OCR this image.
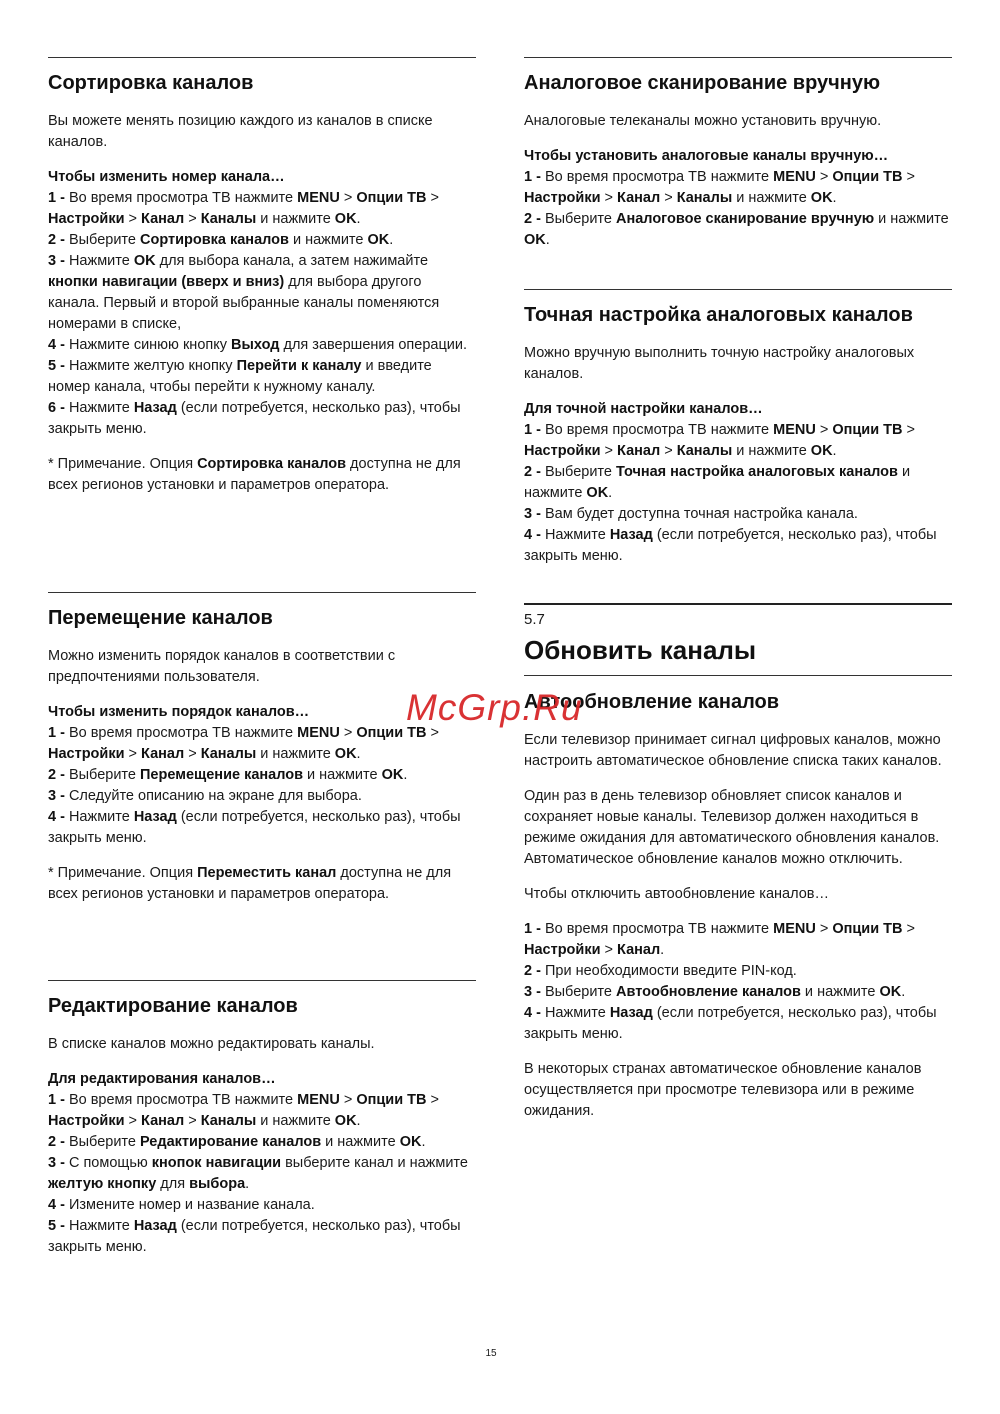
Сортировка каналов
Вы можете менять позицию каждого из каналов в списке каналов.
Чтобы изменить номер канала…
1 - Во время просмотра ТВ нажмите MENU > Опции ТВ > Настройки > Канал > Каналы и нажмите OK.
2 - Выберите Сортировка каналов и нажмите OK.
3 - Нажмите OK для выбора канала, а затем нажимайте кнопки навигации (вверх и вниз) для выбора другого канала. Первый и второй выбранные каналы поменяются номерами в списке,
4 - Нажмите синюю кнопку Выход для завершения операции.
5 - Нажмите желтую кнопку Перейти к каналу и введите номер канала, чтобы перейти к нужному каналу.
6 - Нажмите Назад (если потребуется, несколько раз), чтобы закрыть меню.
* Примечание. Опция Сортировка каналов доступна не для всех регионов установки и параметров оператора.
Перемещение каналов
Можно изменить порядок каналов в соответствии с предпочтениями пользователя.
Чтобы изменить порядок каналов…
1 - Во время просмотра ТВ нажмите MENU > Опции ТВ > Настройки > Канал > Каналы и нажмите OK.
2 - Выберите Перемещение каналов и нажмите OK.
3 - Следуйте описанию на экране для выбора.
4 - Нажмите Назад (если потребуется, несколько раз), чтобы закрыть меню.
* Примечание. Опция Переместить канал доступна не для всех регионов установки и параметров оператора.
Редактирование каналов
В списке каналов можно редактировать каналы.
Для редактирования каналов…
1 - Во время просмотра ТВ нажмите MENU > Опции ТВ > Настройки > Канал > Каналы и нажмите OK.
2 - Выберите Редактирование каналов и нажмите OK.
3 - С помощью кнопок навигации выберите канал и нажмите желтую кнопку для выбора.
4 - Измените номер и название канала.
5 - Нажмите Назад (если потребуется, несколько раз), чтобы закрыть меню.
Аналоговое сканирование вручную
Аналоговые телеканалы можно установить вручную.
Чтобы установить аналоговые каналы вручную…
1 - Во время просмотра ТВ нажмите MENU > Опции ТВ > Настройки > Канал > Каналы и нажмите OK.
2 - Выберите Аналоговое сканирование вручную и нажмите OK.
Точная настройка аналоговых каналов
Можно вручную выполнить точную настройку аналоговых каналов.
Для точной настройки каналов…
1 - Во время просмотра ТВ нажмите MENU > Опции ТВ > Настройки > Канал > Каналы и нажмите OK.
2 - Выберите Точная настройка аналоговых каналов и нажмите OK.
3 - Вам будет доступна точная настройка канала.
4 - Нажмите Назад (если потребуется, несколько раз), чтобы закрыть меню.
5.7
Обновить каналы
Автообновление каналов
Если телевизор принимает сигнал цифровых каналов, можно настроить автоматическое обновление списка таких каналов.
Один раз в день телевизор обновляет список каналов и сохраняет новые каналы. Телевизор должен находиться в режиме ожидания для автоматического обновления каналов. Автоматическое обновление каналов можно отключить.
Чтобы отключить автообновление каналов…
1 - Во время просмотра ТВ нажмите MENU > Опции ТВ > Настройки > Канал.
2 - При необходимости введите PIN-код.
3 - Выберите Автообновление каналов и нажмите OK.
4 - Нажмите Назад (если потребуется, несколько раз), чтобы закрыть меню.
В некоторых странах автоматическое обновление каналов осуществляется при просмотре телевизора или в режиме ожидания.
McGrp.Ru
15
